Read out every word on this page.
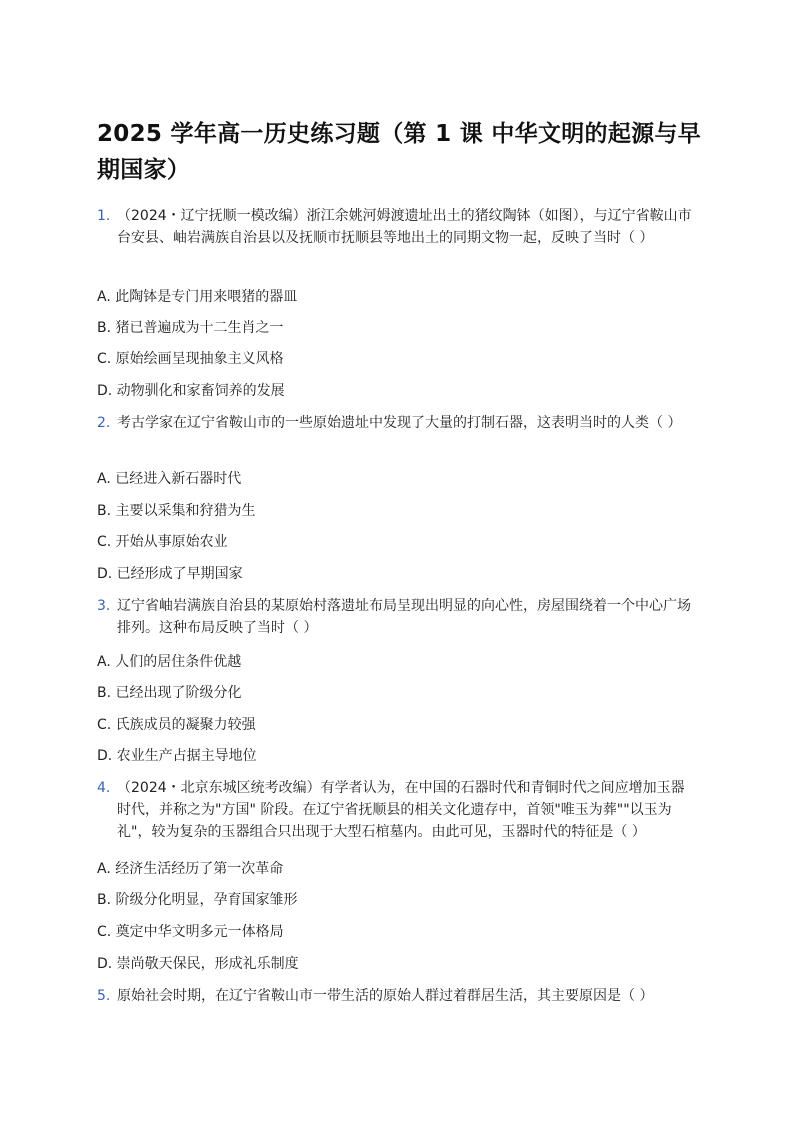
2025 学年高一历史练习题（第 1 课 中华文明的起源与早期国家）
1. （2024・辽宁抚顺一模改编）浙江余姚河姆渡遗址出土的猪纹陶钵（如图），与辽宁省鞍山市台安县、岫岩满族自治县以及抚顺市抚顺县等地出土的同期文物一起，反映了当时（ ）
A. 此陶钵是专门用来喂猪的器皿
B. 猪已普遍成为十二生肖之一
C. 原始绘画呈现抽象主义风格
D. 动物驯化和家畜饲养的发展
2. 考古学家在辽宁省鞍山市的一些原始遗址中发现了大量的打制石器，这表明当时的人类（ ）
A. 已经进入新石器时代
B. 主要以采集和狩猎为生
C. 开始从事原始农业
D. 已经形成了早期国家
3. 辽宁省岫岩满族自治县的某原始村落遗址布局呈现出明显的向心性，房屋围绕着一个中心广场排列。这种布局反映了当时（ ）
A. 人们的居住条件优越
B. 已经出现了阶级分化
C. 氏族成员的凝聚力较强
D. 农业生产占据主导地位
4. （2024・北京东城区统考改编）有学者认为，在中国的石器时代和青铜时代之间应增加玉器时代，并称之为"方国" 阶段。在辽宁省抚顺县的相关文化遗存中，首领"唯玉为葬""以玉为礼"，较为复杂的玉器组合只出现于大型石棺墓内。由此可见，玉器时代的特征是（ ）
A. 经济生活经历了第一次革命
B. 阶级分化明显，孕育国家雏形
C. 奠定中华文明多元一体格局
D. 崇尚敬天保民，形成礼乐制度
5. 原始社会时期，在辽宁省鞍山市一带生活的原始人群过着群居生活，其主要原因是（ ）
